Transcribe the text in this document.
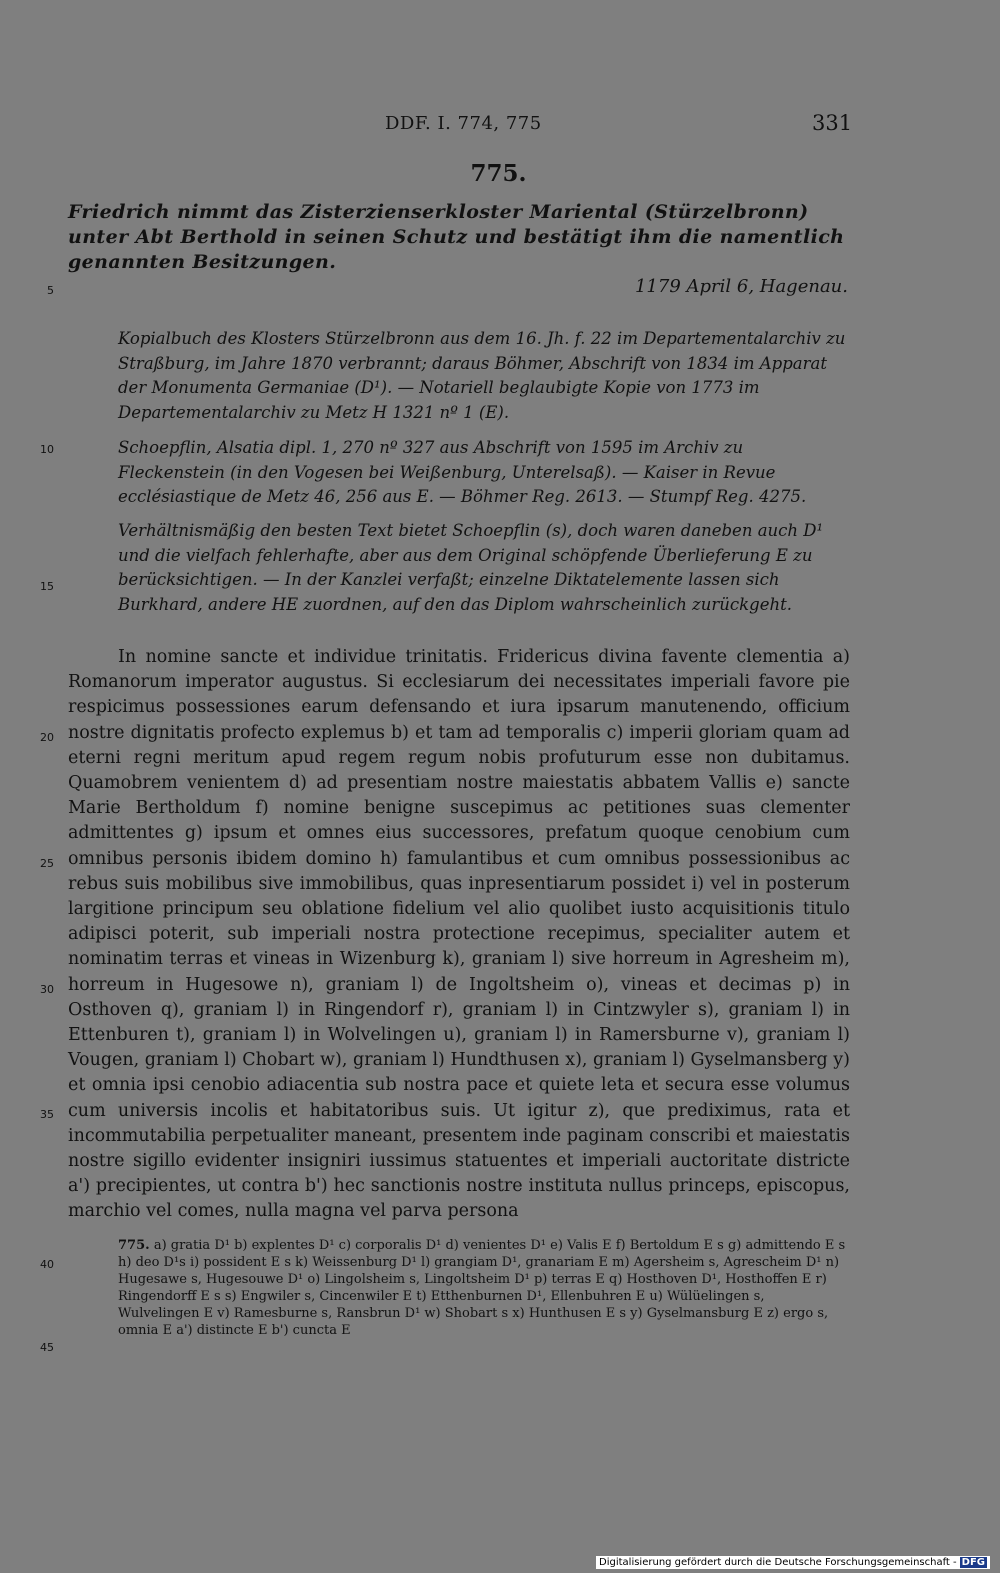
DDF. I. 774, 775	331
775.
Friedrich nimmt das Zisterzienserkloster Mariental (Stürzelbronn) unter Abt Berthold in seinen Schutz und bestätigt ihm die namentlich genannten Besitzungen.
1179 April 6, Hagenau.
5
10
15
20
25
30
35
40
45

Kopialbuch des Klosters Stürzelbronn aus dem 16. Jh. f. 22 im Departementalarchiv zu Straßburg, im Jahre 1870 verbrannt; daraus Böhmer, Abschrift von 1834 im Apparat der Monumenta Germaniae (D¹). — Notariell beglaubigte Kopie von 1773 im Departementalarchiv zu Metz H 1321 nº 1 (E).

Schoepflin, Alsatia dipl. 1, 270 nº 327 aus Abschrift von 1595 im Archiv zu Fleckenstein (in den Vogesen bei Weißenburg, Unterelsaß). — Kaiser in Revue ecclésiastique de Metz 46, 256 aus E. — Böhmer Reg. 2613. — Stumpf Reg. 4275.

Verhältnismäßig den besten Text bietet Schoepflin (s), doch waren daneben auch D¹ und die vielfach fehlerhafte, aber aus dem Original schöpfende Überlieferung E zu berücksichtigen. — In der Kanzlei verfaßt; einzelne Diktatelemente lassen sich Burkhard, andere HE zuordnen, auf den das Diplom wahrscheinlich zurückgeht.

In nomine sancte et individue trinitatis. Fridericus divina favente clementia a) Romanorum imperator augustus. Si ecclesiarum dei necessitates imperiali favore pie respicimus possessiones earum defensando et iura ipsarum manutenendo, officium nostre dignitatis profecto explemus b) et tam ad temporalis c) imperii gloriam quam ad eterni regni meritum apud regem regum nobis profuturum esse non dubitamus. Quamobrem venientem d) ad presentiam nostre maiestatis abbatem Vallis e) sancte Marie Bertholdum f) nomine benigne suscepimus ac petitiones suas clementer admittentes g) ipsum et omnes eius successores, prefatum quoque cenobium cum omnibus personis ibidem domino h) famulantibus et cum omnibus possessionibus ac rebus suis mobilibus sive immobilibus, quas inpresentiarum possidet i) vel in posterum largitione principum seu oblatione fidelium vel alio quolibet iusto acquisitionis titulo adipisci poterit, sub imperiali nostra protectione recepimus, specialiter autem et nominatim terras et vineas in Wizenburg k), graniam l) sive horreum in Agresheim m), horreum in Hugesowe n), graniam l) de Ingoltsheim o), vineas et decimas p) in Osthoven q), graniam l) in Ringendorf r), graniam l) in Cintzwyler s), graniam l) in Ettenburen t), graniam l) in Wolvelingen u), graniam l) in Ramersburne v), graniam l) Vougen, graniam l) Chobart w), graniam l) Hundthusen x), graniam l) Gyselmansberg y) et omnia ipsi cenobio adiacentia sub nostra pace et quiete leta et secura esse volumus cum universis incolis et habitatoribus suis. Ut igitur z), que prediximus, rata et incommutabilia perpetualiter maneant, presentem inde paginam conscribi et maiestatis nostre sigillo evidenter insigniri iussimus statuentes et imperiali auctoritate districte a') precipientes, ut contra b') hec sanctionis nostre instituta nullus princeps, episcopus, marchio vel comes, nulla magna vel parva persona

775. a) gratia D¹ b) explentes D¹ c) corporalis D¹ d) venientes D¹ e) Valis E f) Bertoldum E s g) admittendo E s h) deo D¹s i) possident E s k) Weissenburg D¹ l) grangiam D¹, granariam E m) Agersheim s, Agrescheim D¹ n) Hugesawe s, Hugesouwe D¹ o) Lingolsheim s, Lingoltsheim D¹ p) terras E q) Hosthoven D¹, Hosthoffen E r) Ringendorff E s s) Engwiler s, Cincenwiler E t) Etthenburnen D¹, Ellenbuhren E u) Wülüelingen s, Wulvelingen E v) Ramesburne s, Ransbrun D¹ w) Shobart s x) Hunthusen E s y) Gyselmansburg E z) ergo s, omnia E a') distincte E b') cuncta E

Digitalisierung gefördert durch die Deutsche Forschungsgemeinschaft - DFG
